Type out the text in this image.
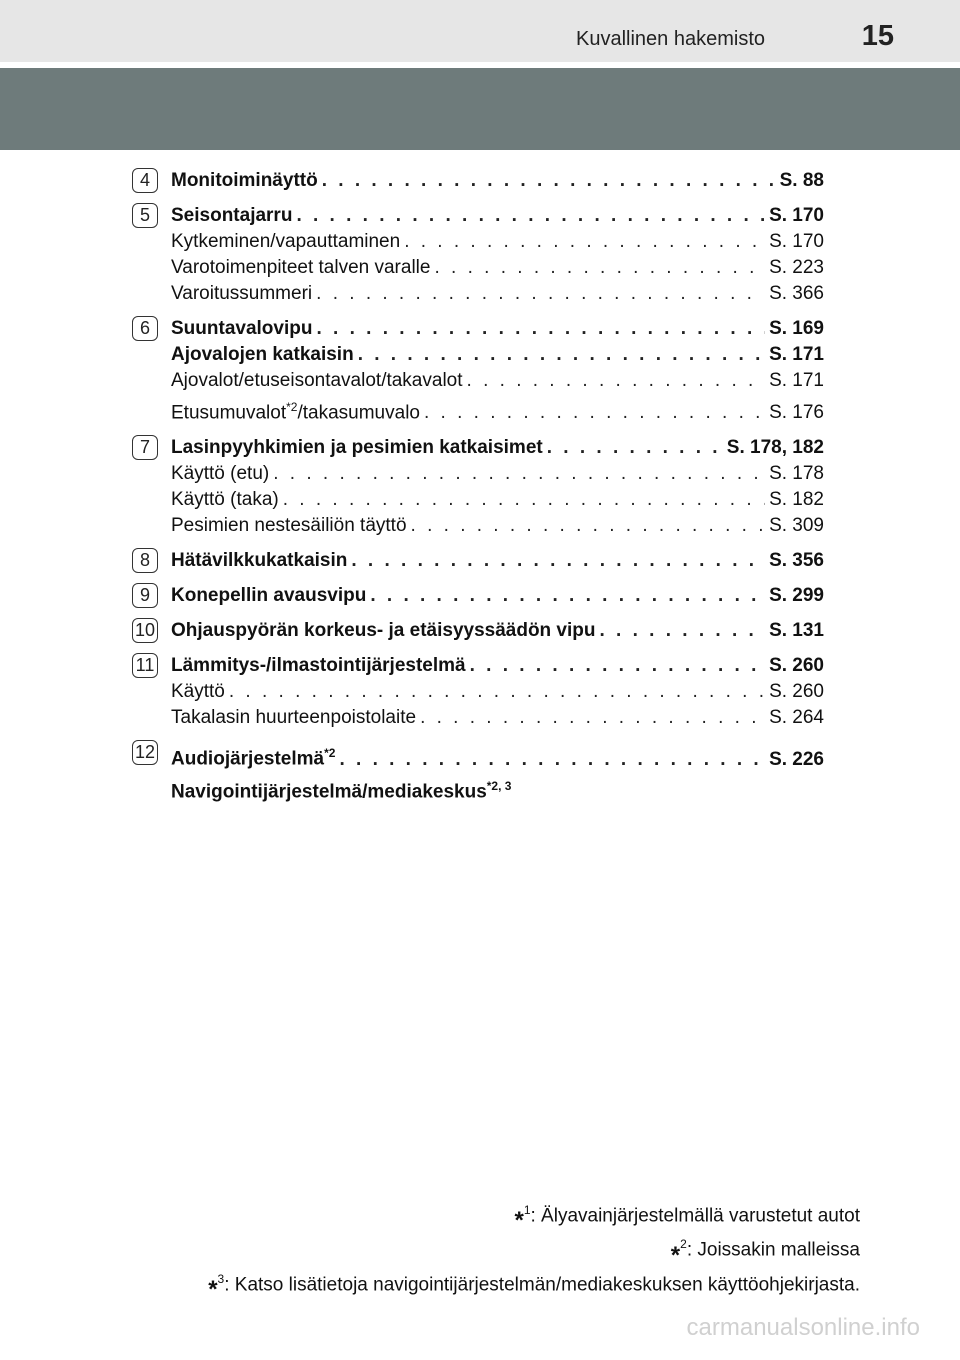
Kuvallinen hakemisto	15
4	Monitoiminäyttö . . .	S. 88
5	Seisontajarru . . .	S. 170
Kytkeminen/vapauttaminen . . .	S. 170
Varotoimenpiteet talven varalle . . .	S. 223
Varoitussummeri . . .	S. 366
6	Suuntavalovipu . . .	S. 169
Ajovalojen katkaisin . . .	S. 171
Ajovalot/etuseisontavalot/takavalot . . .	S. 171
Etusumuvalot$^{*2}$/takasumuvalo . . .	S. 176
7	Lasinpyyhkimien ja pesimien katkaisimet . . .	S. 178, 182
Käyttö (etu) . . .	S. 178
Käyttö (taka) . . .	S. 182
Pesimien nestesäiliön täyttö . . .	S. 309
8	Hätävilkkukatkaisin . . .	S. 356
9	Konepellin avausvipu . . .	S. 299
10 Ohjauspyörän korkeus- ja etäisyyssäädön vipu . . .	S. 131
11 Lämmitys-/ilmastointijärjestelmä . . .	S. 260
Käyttö . . .	S. 260
Takalasin huurteenpoistolaite . . .	S. 264
12 Audiojärjestelmä$^{*2}$ . . .	S. 226
Navigointijärjestelmä/mediakeskus$^{*2, 3}$
*$^1$: Älyavainjärjestelmällä varustetut autot
*$^2$: Joissakin malleissa
*$^3$: Katso lisätietoja navigointijärjestelmän/mediakeskuksen käyttöohjekirjasta.
carmanualsonline.info
